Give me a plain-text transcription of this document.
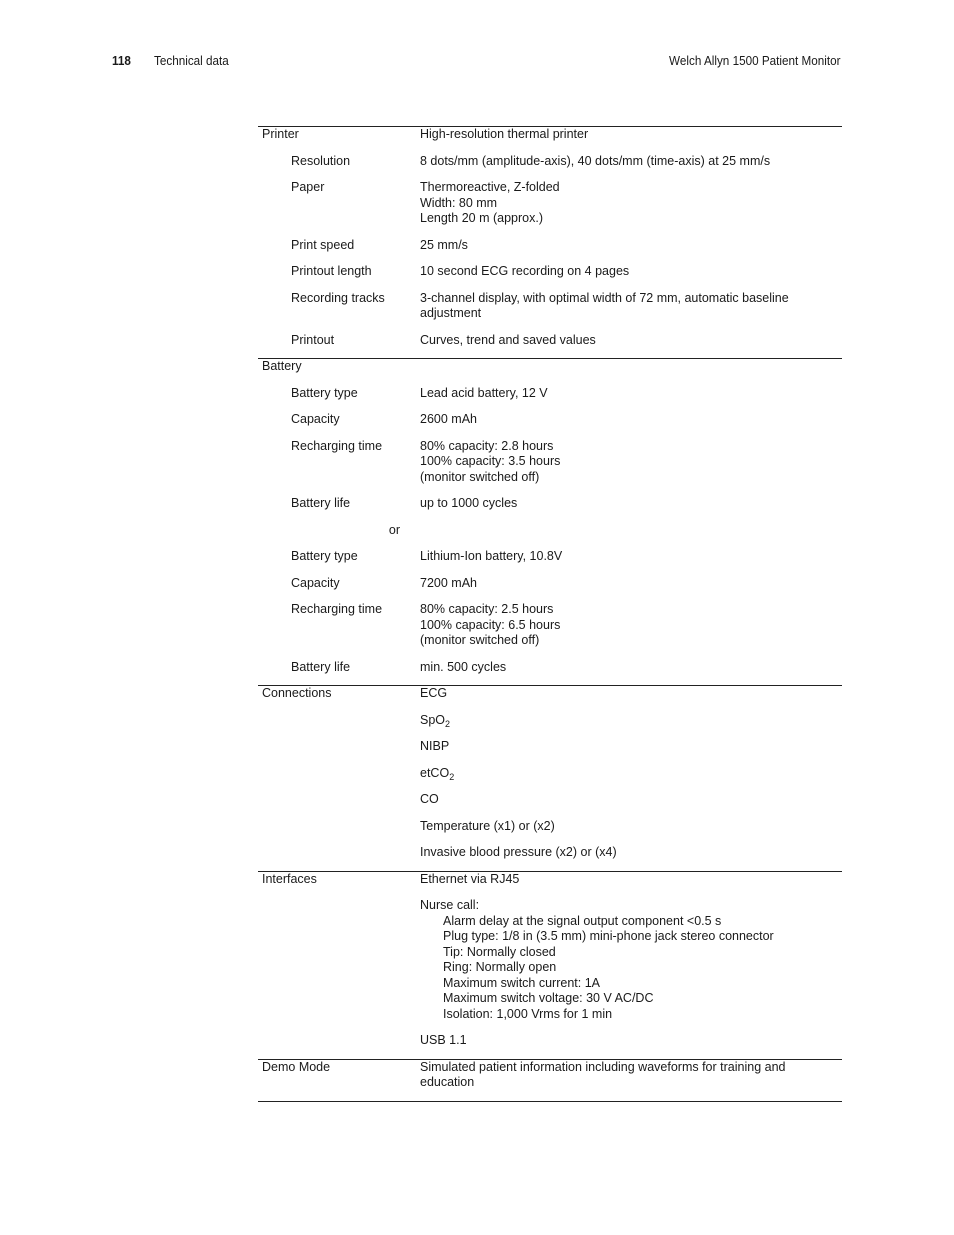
118 Technical data	Welch Allyn 1500 Patient Monitor
Printer	High-resolution thermal printer
Resolution	8 dots/mm (amplitude-axis), 40 dots/mm (time-axis) at 25 mm/s
Paper	Thermoreactive, Z-folded
Width: 80 mm
Length 20 m (approx.)
Print speed	25 mm/s
Printout length	10 second ECG recording on 4 pages
Recording tracks	3-channel display, with optimal width of 72 mm, automatic baseline
adjustment
Printout	Curves, trend and saved values
Battery
Battery type	Lead acid battery, 12 V
Capacity	2600 mAh
Recharging time	80% capacity: 2.8 hours
100% capacity: 3.5 hours
(monitor switched off)
Battery life	up to 1000 cycles
or
Battery type	Lithium-Ion battery, 10.8V
Capacity	7200 mAh
Recharging time	80% capacity: 2.5 hours
100% capacity: 6.5 hours
(monitor switched off)
Battery life	min. 500 cycles
Connections	ECG
SpO$_2$
NIBP
etCO$_2$
CO
Temperature (x1) or (x2)
Invasive blood pressure (x2) or (x4)
Interfaces	Ethernet via RJ45
Nurse call:
Alarm delay at the signal output component <0.5 s
Plug type: 1/8 in (3.5 mm) mini-phone jack stereo connector
Tip: Normally closed
Ring: Normally open
Maximum switch current: 1A
Maximum switch voltage: 30 V AC/DC
Isolation: 1,000 Vrms for 1 min
USB 1.1
Demo Mode	Simulated patient information including waveforms for training and
education
